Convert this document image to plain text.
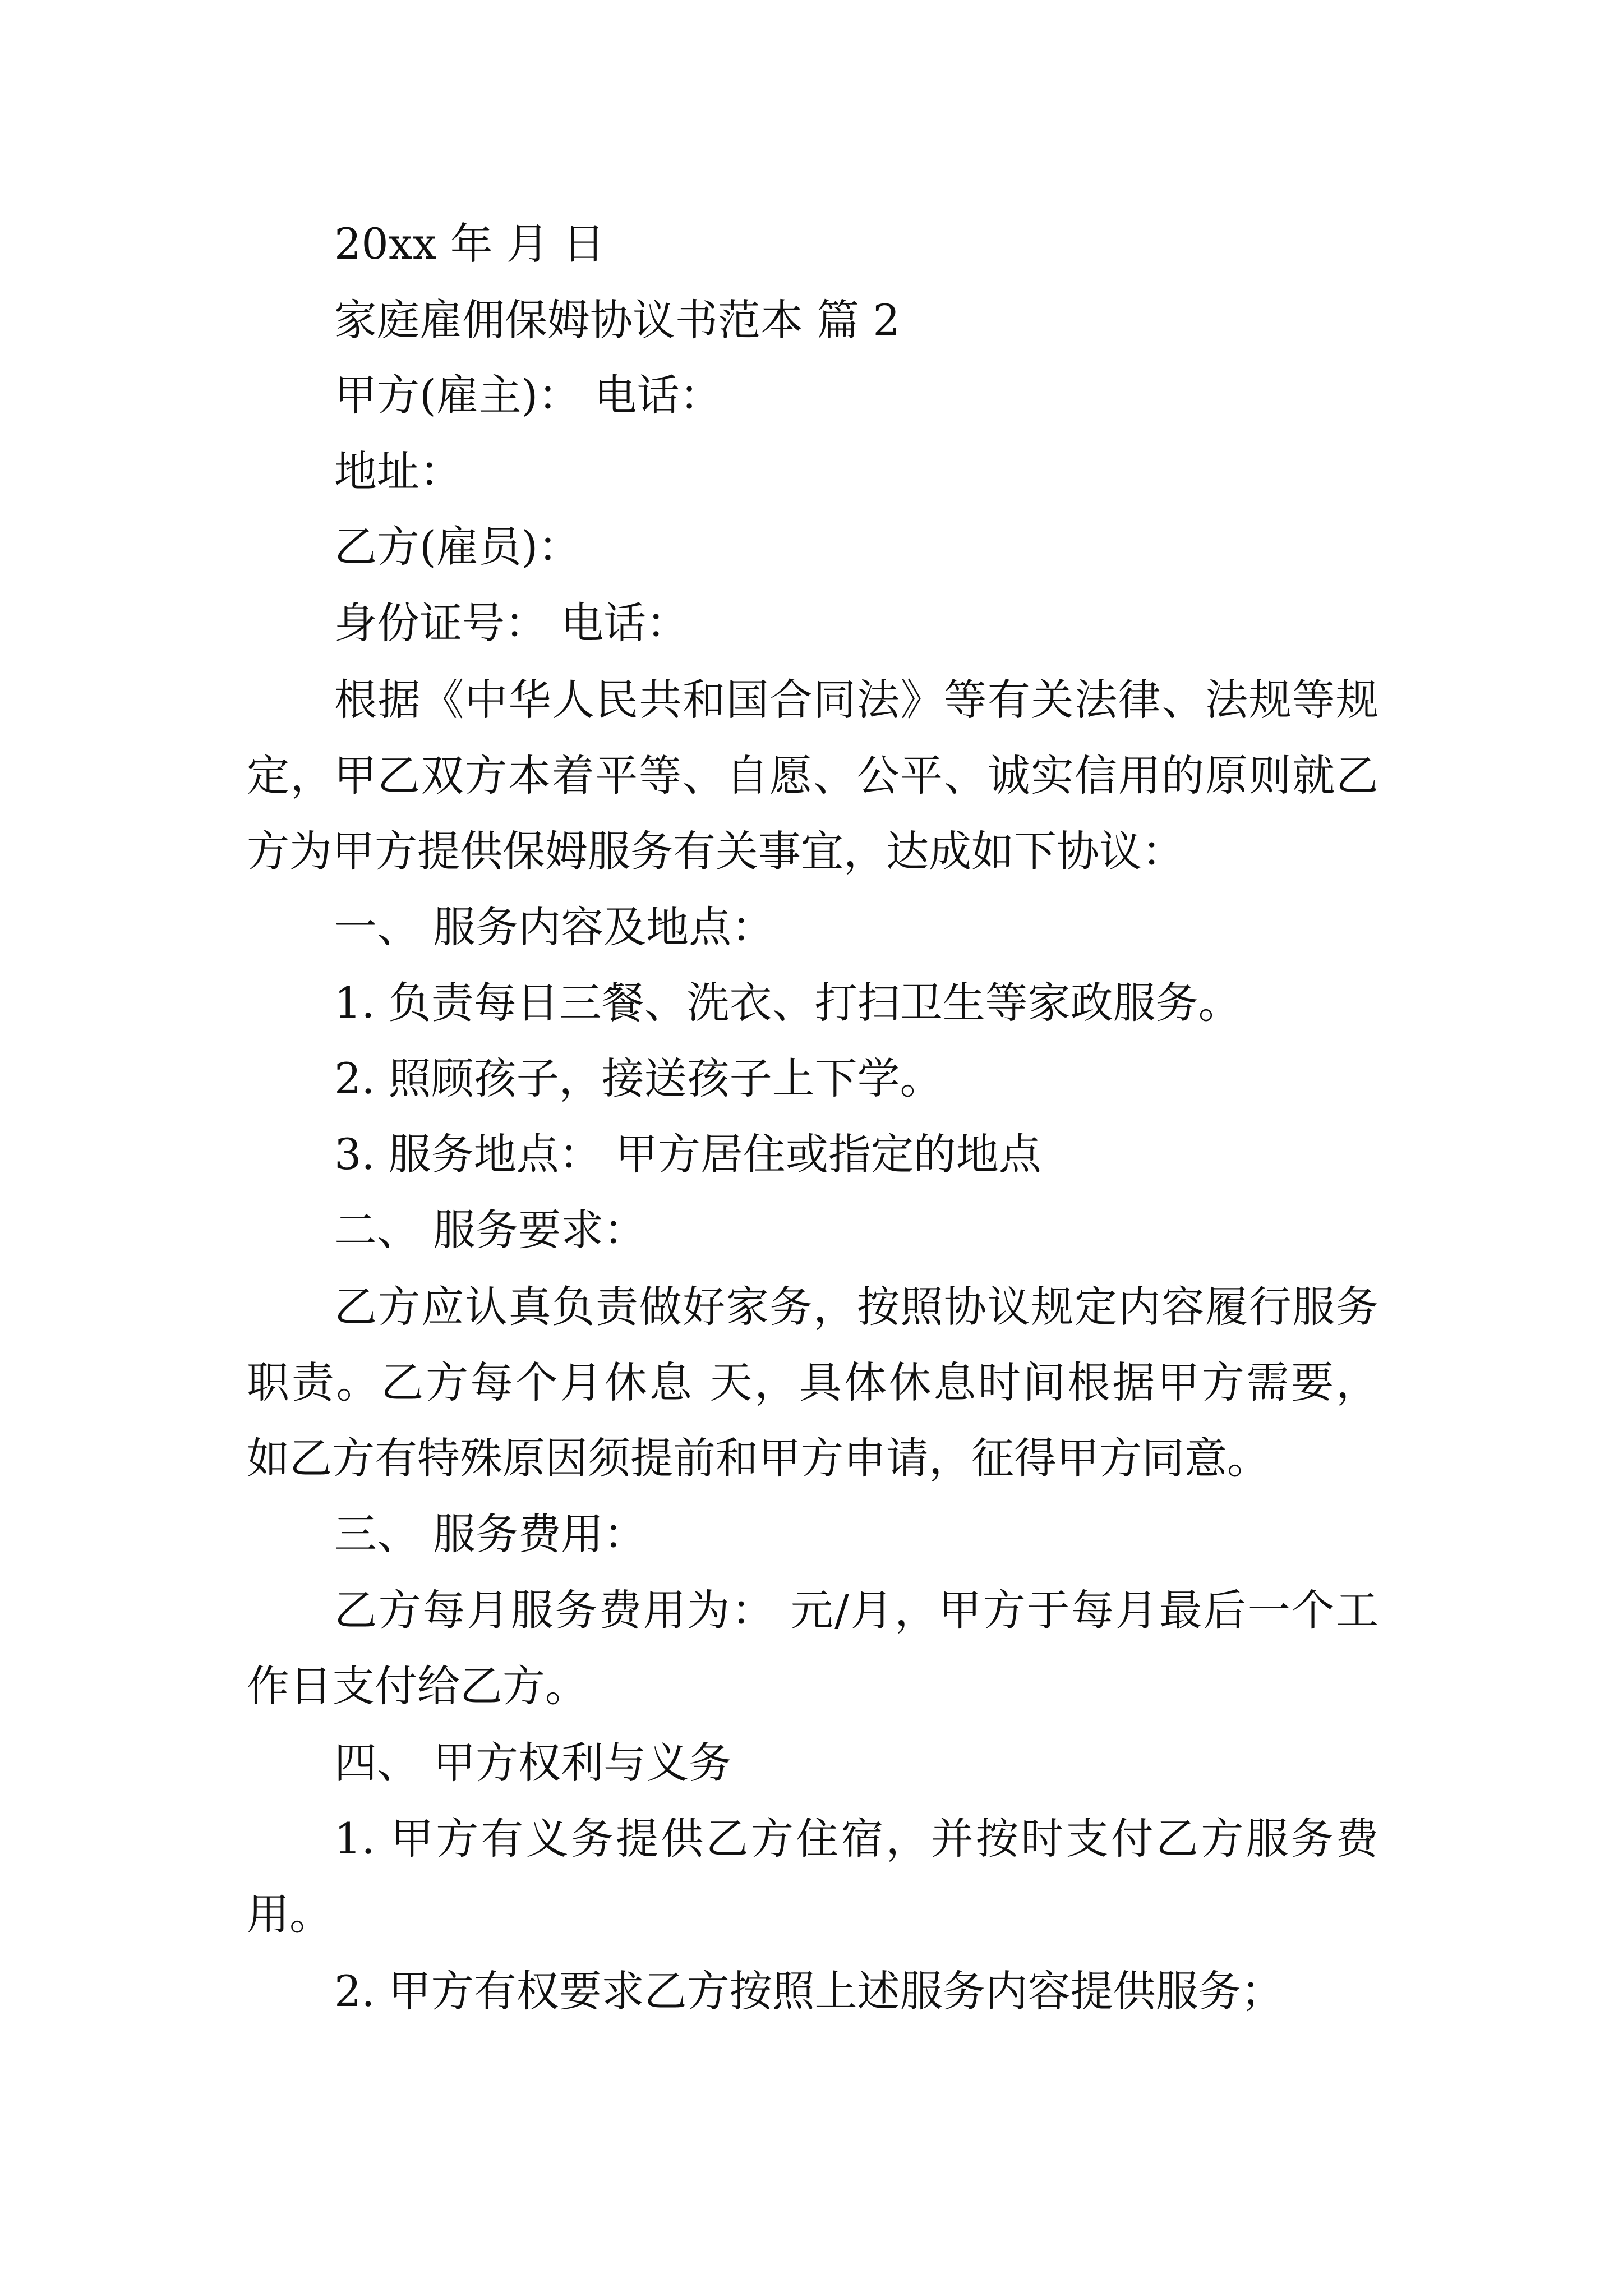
20xx 年 月 日
家庭雇佣保姆协议书范本 篇 2
甲方(雇主)： 电话：
地址：
乙方(雇员)：
身份证号： 电话：
根据《中华人民共和国合同法》等有关法律、法规等规
定，甲乙双方本着平等、自愿、公平、诚实信用的原则就乙
方为甲方提供保姆服务有关事宜，达成如下协议：
一、 服务内容及地点：
1. 负责每日三餐、洗衣、打扫卫生等家政服务。
2. 照顾孩子，接送孩子上下学。
3. 服务地点： 甲方居住或指定的地点
二、 服务要求：
乙方应认真负责做好家务，按照协议规定内容履行服务
职责。乙方每个月休息 天，具体休息时间根据甲方需要，
如乙方有特殊原因须提前和甲方申请，征得甲方同意。
三、 服务费用：
乙方每月服务费用为： 元/月，甲方于每月最后一个工
作日支付给乙方。
四、 甲方权利与义务
1. 甲方有义务提供乙方住宿，并按时支付乙方服务费
用。
2. 甲方有权要求乙方按照上述服务内容提供服务；
